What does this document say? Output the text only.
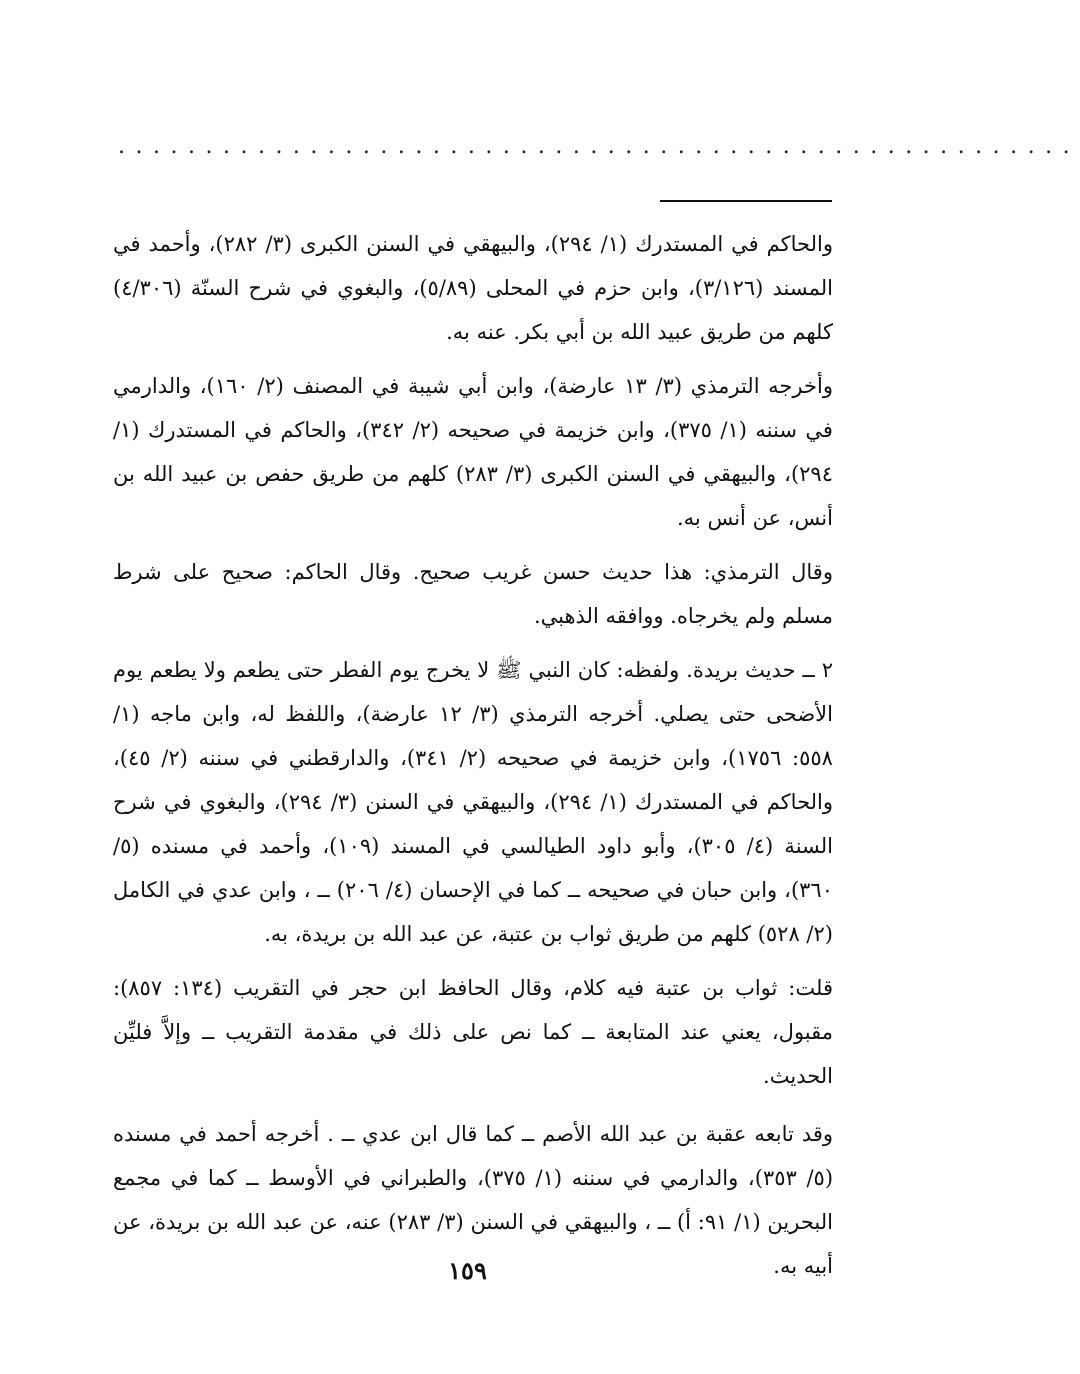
.......................................................

والحاكم في المستدرك (١/ ٢٩٤)، والبيهقي في السنن الكبرى (٣/ ٢٨٢)، وأحمد في المسند (٣/١٢٦)، وابن حزم في المحلى (٥/٨٩)، والبغوي في شرح السنّة (٤/٣٠٦) كلهم من طريق عبيد الله بن أبي بكر. عنه به.

وأخرجه الترمذي (٣/ ١٣ عارضة)، وابن أبي شيبة في المصنف (٢/ ١٦٠)، والدارمي في سننه (١/ ٣٧٥)، وابن خزيمة في صحيحه (٢/ ٣٤٢)، والحاكم في المستدرك (١/ ٢٩٤)، والبيهقي في السنن الكبرى (٣/ ٢٨٣) كلهم من طريق حفص بن عبيد الله بن أنس، عن أنس به.

وقال الترمذي: هذا حديث حسن غريب صحيح. وقال الحاكم: صحيح على شرط مسلم ولم يخرجاه. ووافقه الذهبي.

٢ ــ حديث بريدة. ولفظه: كان النبي ﷺ لا يخرج يوم الفطر حتى يطعم ولا يطعم يوم الأضحى حتى يصلي. أخرجه الترمذي (٣/ ١٢ عارضة)، واللفظ له، وابن ماجه (١/ ٥٥٨: ١٧٥٦)، وابن خزيمة في صحيحه (٢/ ٣٤١)، والدارقطني في سننه (٢/ ٤٥)، والحاكم في المستدرك (١/ ٢٩٤)، والبيهقي في السنن (٣/ ٢٩٤)، والبغوي في شرح السنة (٤/ ٣٠٥)، وأبو داود الطيالسي في المسند (١٠٩)، وأحمد في مسنده (٥/ ٣٦٠)، وابن حبان في صحيحه ــ كما في الإحسان (٤/ ٢٠٦) ــ ، وابن عدي في الكامل (٢/ ٥٢٨) كلهم من طريق ثواب بن عتبة، عن عبد الله بن بريدة، به.

قلت: ثواب بن عتبة فيه كلام، وقال الحافظ ابن حجر في التقريب (١٣٤: ٨٥٧): مقبول، يعني عند المتابعة ــ كما نص على ذلك في مقدمة التقريب ــ وإلاَّ فليِّن الحديث.

وقد تابعه عقبة بن عبد الله الأصم ــ كما قال ابن عدي ــ . أخرجه أحمد في مسنده (٥/ ٣٥٣)، والدارمي في سننه (١/ ٣٧٥)، والطبراني في الأوسط ــ كما في مجمع البحرين (١/ ٩١: أ) ــ ، والبيهقي في السنن (٣/ ٢٨٣) عنه، عن عبد الله بن بريدة، عن أبيه به.

١٥٩
